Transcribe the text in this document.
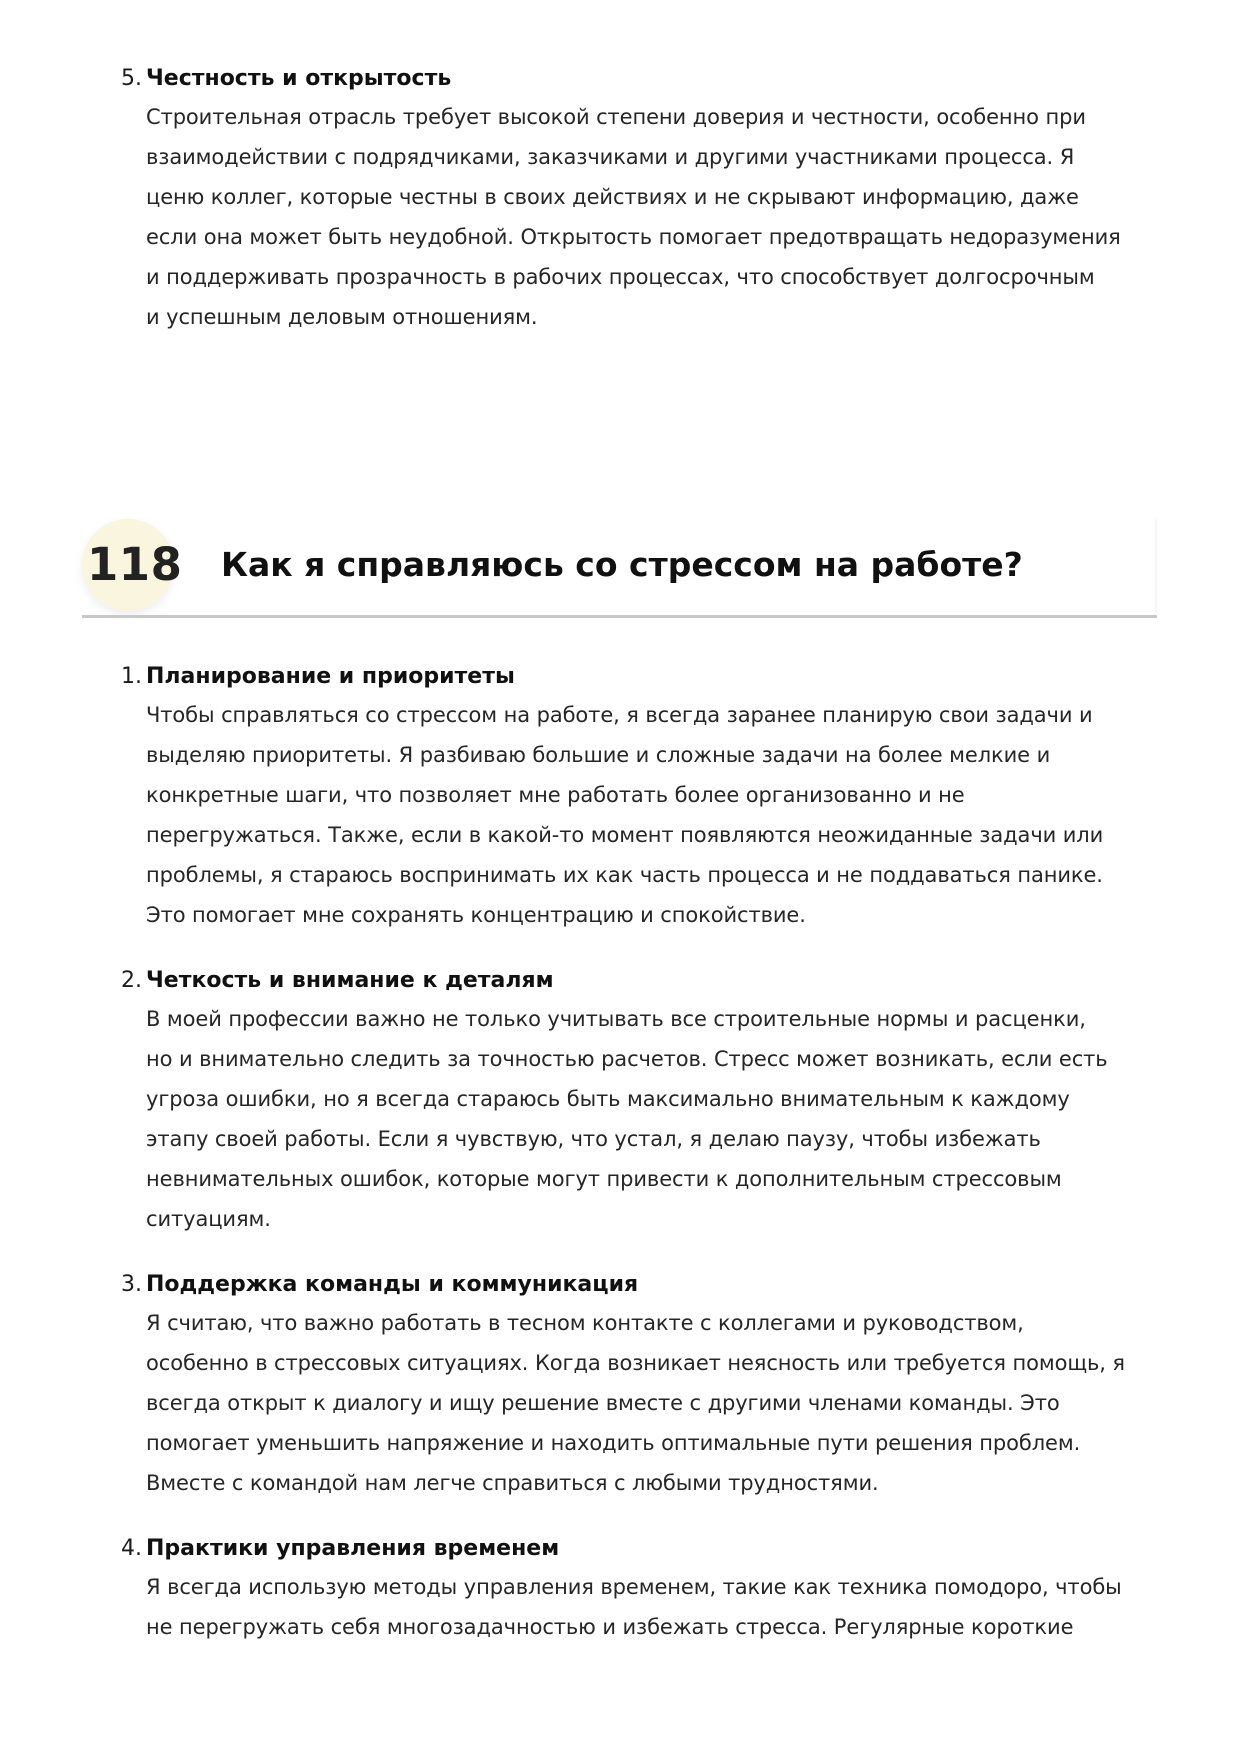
5. Честность и открытость

Строительная отрасль требует высокой степени доверия и честности, особенно при
взаимодействии с подрядчиками, заказчиками и другими участниками процесса. Я
ценю коллег, которые честны в своих действиях и не скрывают информацию, даже
если она может быть неудобной. Открытость помогает предотвращать недоразумения
и поддерживать прозрачность в рабочих процессах, что способствует долгосрочным
и успешным деловым отношениям.

118 Как я справляюсь со стрессом на работе?
1. Планирование и приоритеты

Чтобы справляться со стрессом на работе, я всегда заранее планирую свои задачи и
выделяю приоритеты. Я разбиваю большие и сложные задачи на более мелкие и
конкретные шаги, что позволяет мне работать более организованно и не
перегружаться. Также, если в какой-то момент появляются неожиданные задачи или
проблемы, я стараюсь воспринимать их как часть процесса и не поддаваться панике.
Это помогает мне сохранять концентрацию и спокойствие.

2. Четкость и внимание к деталям

В моей профессии важно не только учитывать все строительные нормы и расценки,
но и внимательно следить за точностью расчетов. Стресс может возникать, если есть
угроза ошибки, но я всегда стараюсь быть максимально внимательным к каждому
этапу своей работы. Если я чувствую, что устал, я делаю паузу, чтобы избежать
невнимательных ошибок, которые могут привести к дополнительным стрессовым
ситуациям.

3. Поддержка команды и коммуникация

Я считаю, что важно работать в тесном контакте с коллегами и руководством,
особенно в стрессовых ситуациях. Когда возникает неясность или требуется помощь, я
всегда открыт к диалогу и ищу решение вместе с другими членами команды. Это
помогает уменьшить напряжение и находить оптимальные пути решения проблем.
Вместе с командой нам легче справиться с любыми трудностями.

4. Практики управления временем

Я всегда использую методы управления временем, такие как техника помодоро, чтобы
не перегружать себя многозадачностью и избежать стресса. Регулярные короткие
